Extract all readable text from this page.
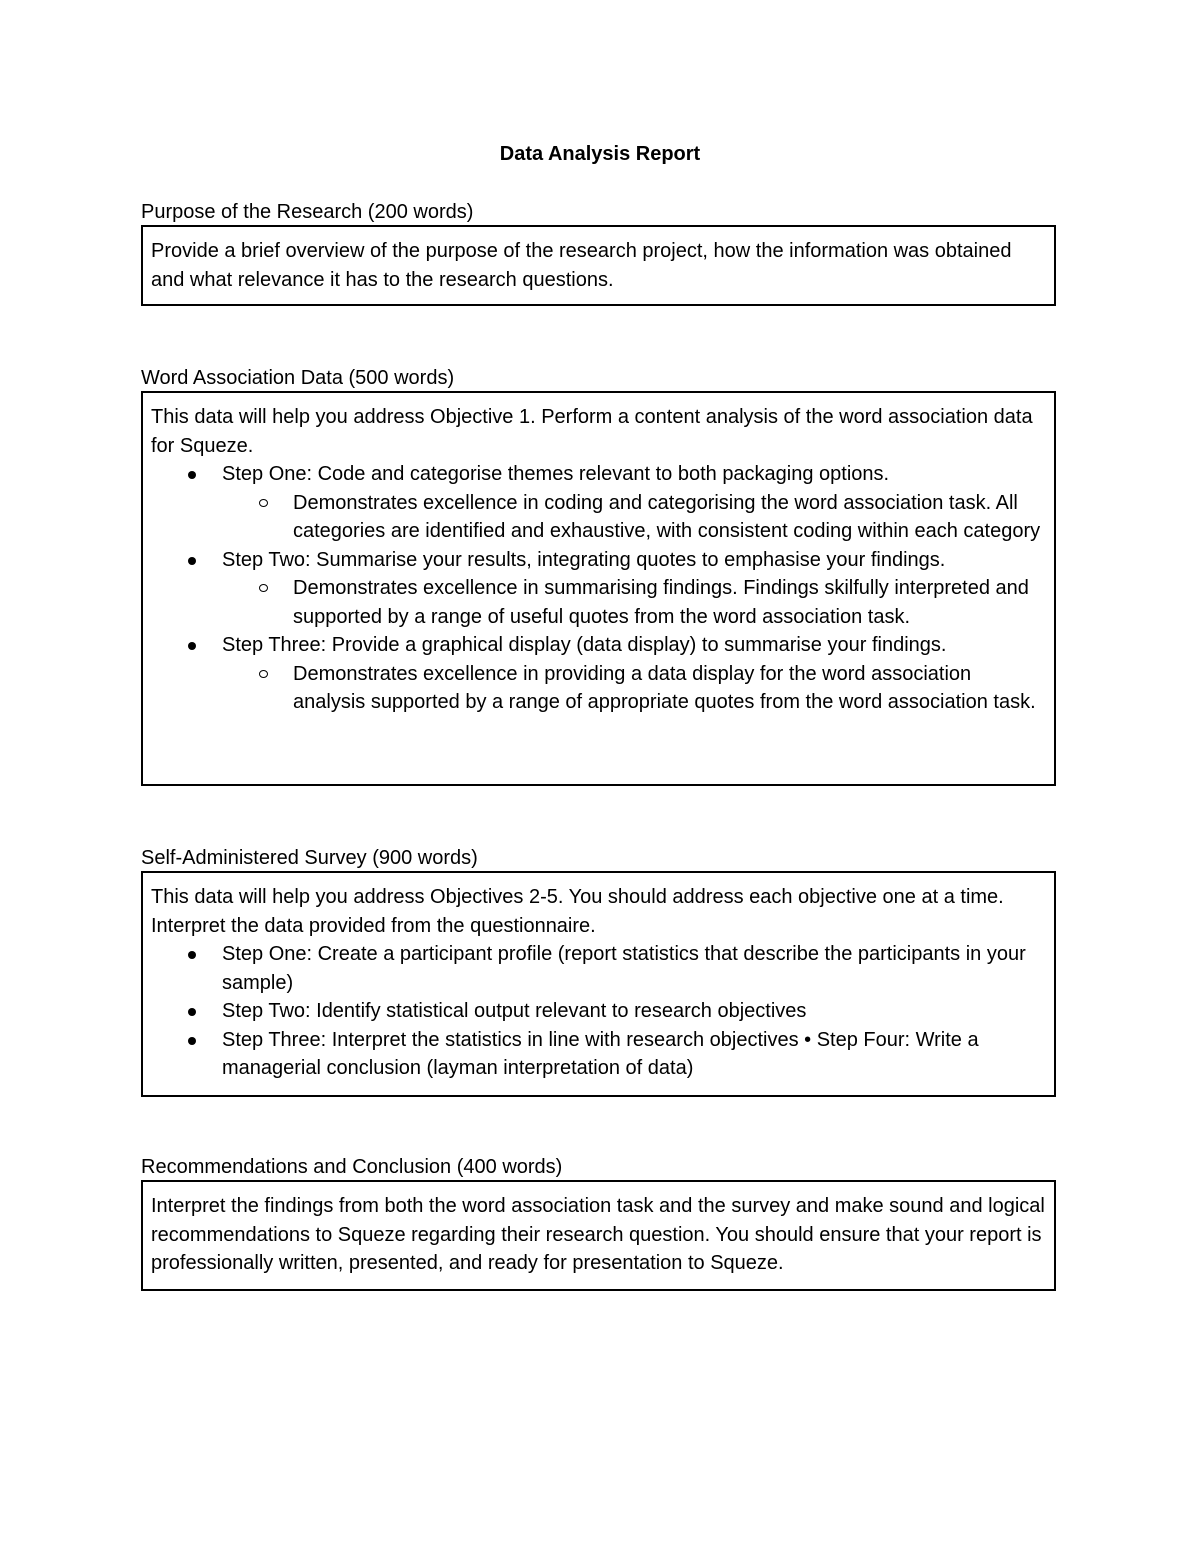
Data Analysis Report
Purpose of the Research (200 words)

Provide a brief overview of the purpose of the research project, how the information was obtained and what relevance it has to the research questions.

Word Association Data (500 words)

This data will help you address Objective 1. Perform a content analysis of the word association data for Squeze.

Step One: Code and categorise themes relevant to both packaging options.
Demonstrates excellence in coding and categorising the word association task. All categories are identified and exhaustive, with consistent coding within each category
Step Two: Summarise your results, integrating quotes to emphasise your findings.
Demonstrates excellence in summarising findings. Findings skilfully interpreted and supported by a range of useful quotes from the word association task.
Step Three: Provide a graphical display (data display) to summarise your findings.
Demonstrates excellence in providing a data display for the word association analysis supported by a range of appropriate quotes from the word association task.
Self-Administered Survey (900 words)

This data will help you address Objectives 2-5. You should address each objective one at a time. Interpret the data provided from the questionnaire.

Step One: Create a participant profile (report statistics that describe the participants in your sample)
Step Two: Identify statistical output relevant to research objectives
Step Three: Interpret the statistics in line with research objectives • Step Four: Write a managerial conclusion (layman interpretation of data)
Recommendations and Conclusion (400 words)

Interpret the findings from both the word association task and the survey and make sound and logical recommendations to Squeze regarding their research question. You should ensure that your report is professionally written, presented, and ready for presentation to Squeze.
